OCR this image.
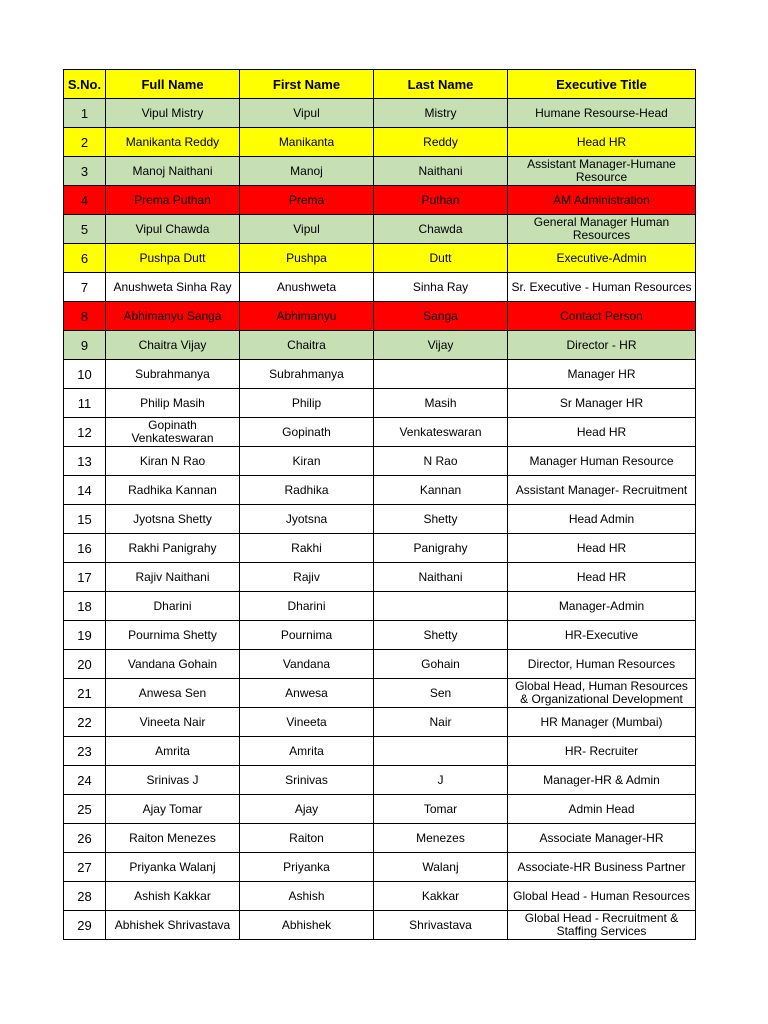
S.No.	Full Name	First Name	Last Name	Executive Title
1	Vipul Mistry	Vipul	Mistry	Humane Resourse-Head
2	Manikanta Reddy	Manikanta	Reddy	Head HR
3	Manoj Naithani	Manoj	Naithani	Assistant Manager-Humane Resource
4	Prema Puthan	Prema	Puthan	AM Administration
5	Vipul Chawda	Vipul	Chawda	General Manager Human Resources
6	Pushpa Dutt	Pushpa	Dutt	Executive-Admin
7	Anushweta Sinha Ray	Anushweta	Sinha Ray	Sr. Executive - Human Resources
8	Abhimanyu Sanga	Abhimanyu	Sanga	Contact Person
9	Chaitra Vijay	Chaitra	Vijay	Director - HR
10	Subrahmanya	Subrahmanya		Manager HR
11	Philip Masih	Philip	Masih	Sr Manager HR
12	Gopinath Venkateswaran	Gopinath	Venkateswaran	Head HR
13	Kiran N Rao	Kiran	N Rao	Manager Human Resource
14	Radhika Kannan	Radhika	Kannan	Assistant Manager- Recruitment
15	Jyotsna Shetty	Jyotsna	Shetty	Head Admin
16	Rakhi Panigrahy	Rakhi	Panigrahy	Head HR
17	Rajiv Naithani	Rajiv	Naithani	Head HR
18	Dharini	Dharini		Manager-Admin
19	Pournima Shetty	Pournima	Shetty	HR-Executive
20	Vandana Gohain	Vandana	Gohain	Director, Human Resources
21	Anwesa Sen	Anwesa	Sen	Global Head, Human Resources & Organizational Development
22	Vineeta Nair	Vineeta	Nair	HR Manager (Mumbai)
23	Amrita	Amrita		HR- Recruiter
24	Srinivas J	Srinivas	J	Manager-HR & Admin
25	Ajay Tomar	Ajay	Tomar	Admin Head
26	Raiton Menezes	Raiton	Menezes	Associate Manager-HR
27	Priyanka Walanj	Priyanka	Walanj	Associate-HR Business Partner
28	Ashish Kakkar	Ashish	Kakkar	Global Head - Human Resources
29	Abhishek Shrivastava	Abhishek	Shrivastava	Global Head - Recruitment & Staffing Services
